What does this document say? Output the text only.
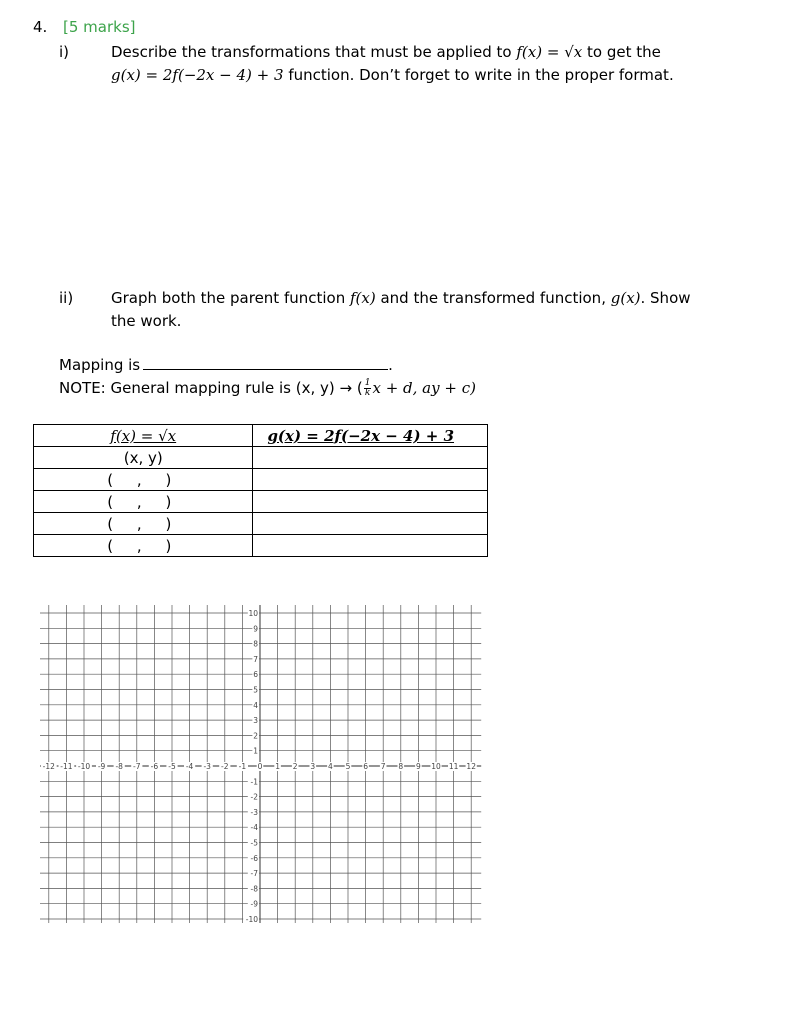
4. [5 marks]
i)	Describe the transformations that must be applied to f(x) = √x to get the
g(x) = 2f(−2x − 4) + 3 function. Don’t forget to write in the proper format.
ii)	Graph both the parent function f(x) and the transformed function, g(x). Show
the work.
Mapping is	.
NOTE: General mapping rule is (x, y) → ( $\frac{1}{k}$ x + d, ay + c)
f(x) = √x	g(x) = 2f(−2x − 4) + 3
(x, y)	
( , )	
( , )	
( , )	
( , )	
-12 -11 -10 -9 -8 -7 -6 -5 -4 -3 -2 -1 0 1 2 3 4 5 6 7 8 9 10 11 12
10
9
8
7
6
5
4
3
2
1
-1
-2
-3
-4
-5
-6
-7
-8
-9
-10
